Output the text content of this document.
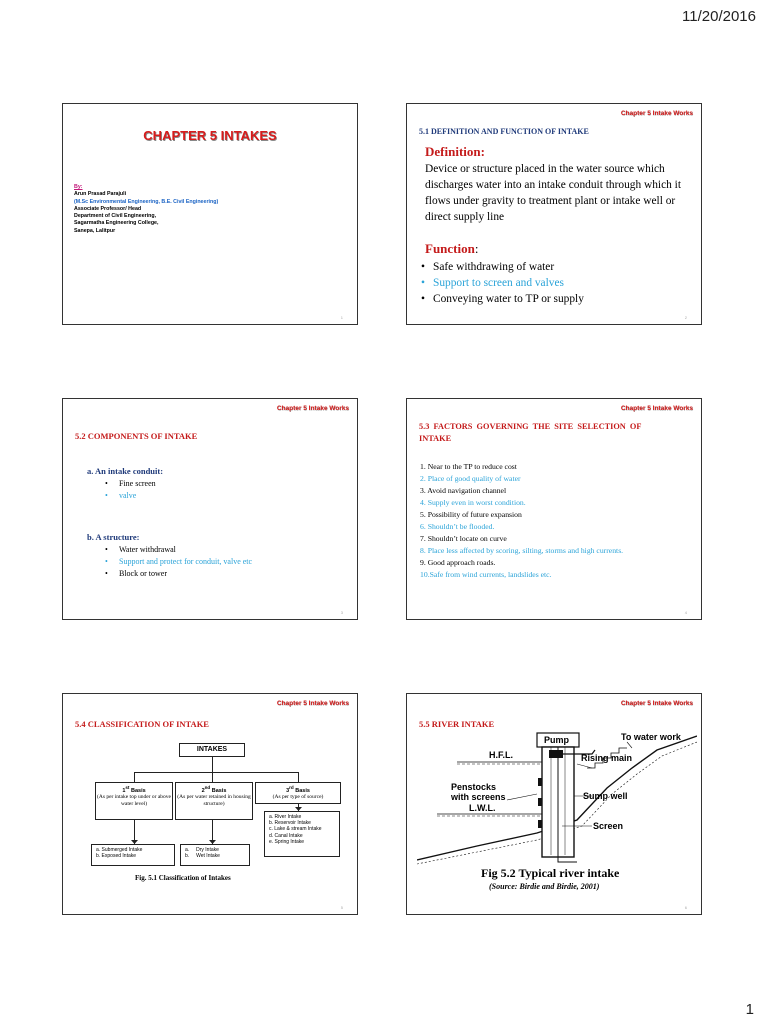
11/20/2016
CHAPTER 5 INTAKES
By:
Arun Prasad Parajuli
(M.Sc Environmental Engineering, B.E. Civil Engineering)
Associate Professor/ Head
Department of Civil Engineering,
Sagarmatha Engineering College,
Sanepa, Lalitpur
1
Chapter 5 Intake Works
5.1 DEFINITION AND FUNCTION OF INTAKE
Definition:
Device or structure placed in the water source which discharges water into an intake conduit through which it flows under gravity to treatment plant or intake well or direct supply line
Function:
• Safe withdrawing of water
• Support to screen and valves
• Conveying water to TP or supply
2
Chapter 5 Intake Works
5.2 COMPONENTS OF INTAKE
a. An intake conduit:
• Fine screen
• valve
b. A structure:
• Water withdrawal
• Support and protect for conduit, valve etc
• Block or tower
3
Chapter 5 Intake Works
5.3  FACTORS  GOVERNING  THE  SITE  SELECTION  OF
INTAKE
1. Near to the TP to reduce cost
2. Place of good quality of water
3. Avoid navigation channel
4. Supply even in worst condition.
5. Possibility of future expansion
6. Shouldn’t be flooded.
7. Shouldn’t locate on curve
8. Place less affected by scoring, silting, storms and high currents.
9. Good approach roads.
10.Safe from wind currents, landslides etc.
4
Chapter 5 Intake Works
5.4 CLASSIFICATION OF INTAKE
INTAKES
1st Basis
(As per intake top under or above water level)
2nd Basis
(As per water retained in housing structure)
3rd Basis
(As per type of source)
a. Submerged Intake
b. Exposed Intake
a.     Dry Intake
b.     Wet Intake
a. River Intake
b. Reservoir Intake
c. Lake & stream Intake
d. Canal Intake
e. Spring Intake
Fig. 5.1 Classification of Intakes
5
Chapter 5 Intake Works
5.5 RIVER INTAKE
Pump	To water work
H.F.L.	Rising main
Penstocks
with screens
L.W.L.
Sump well
Screen
Fig 5.2 Typical river intake
(Source: Birdie and Birdie, 2001)
6
1
